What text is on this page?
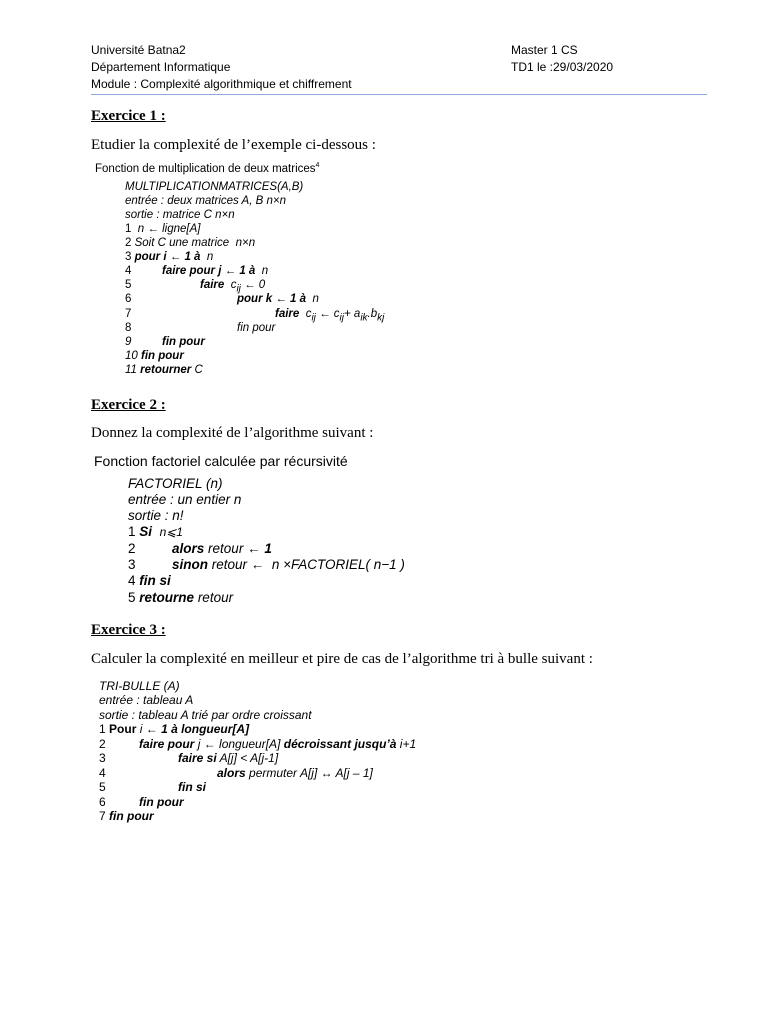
Université Batna2
Département Informatique
Module : Complexité algorithmique et chiffrement
Master 1 CS
TD1 le :29/03/2020
Exercice 1 :
Etudier la complexité de l’exemple ci-dessous :
Fonction de multiplication de deux matrices$^4$
MULTIPLICATIONMATRICES(A,B)
entrée : deux matrices A, B n×n
sortie : matrice C n×n
1 n ← ligne[A]
2 Soit C une matrice n×n
3 pour i ← 1 à n
4	faire pour j ← 1 à n
5	faire $c_{ij}$ ← 0
6	pour k ← 1 à n
7	faire $c_{ij}$ ← $c_{ij}+ a_{ik}.b_{kj}$
8	fin pour
9	fin pour
10 fin pour
11 retourner C
Exercice 2 :
Donnez la complexité de l’algorithme suivant :
Fonction factoriel calculée par récursivité
FACTORIEL (n)
entrée : un entier n
sortie : n!
1 Si n⩽1
2	alors retour ← 1
3	sinon retour ← n ×FACTORIEL( n−1 )
4 fin si
5 retourne retour
Exercice 3 :
Calculer la complexité en meilleur et pire de cas de l’algorithme tri à bulle suivant :
TRI-BULLE (A)
entrée : tableau A
sortie : tableau A trié par ordre croissant
1 Pour i ← 1 à longueur[A]
2	faire pour j ← longueur[A] décroissant jusqu’à i+1
3	faire si A[j] < A[j-1]
4	alors permuter A[j] ↔ A[j – 1]
5	fin si
6	fin pour
7 fin pour
